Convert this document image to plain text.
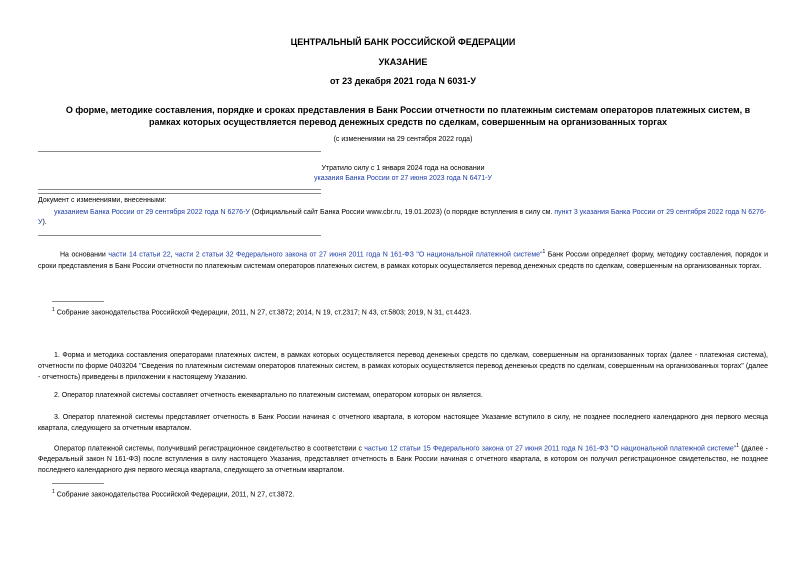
ЦЕНТРАЛЬНЫЙ БАНК РОССИЙСКОЙ ФЕДЕРАЦИИ
УКАЗАНИЕ
от 23 декабря 2021 года N 6031-У
О форме, методике составления, порядке и сроках представления в Банк России отчетности по платежным системам операторов платежных систем, в рамках которых осуществляется перевод денежных средств по сделкам, совершенным на организованных торгах
(с изменениями на 29 сентября 2022 года)
Утратило силу с 1 января 2024 года на основании
указания Банка России от 27 июня 2023 года N 6471-У
Документ с изменениями, внесенными:
указанием Банка России от 29 сентября 2022 года N 6276-У (Официальный сайт Банка России www.cbr.ru, 19.01.2023) (о порядке вступления в силу см. пункт 3 указания Банка России от 29 сентября 2022 года N 6276-У).
На основании части 14 статьи 22, части 2 статьи 32 Федерального закона от 27 июня 2011 года N 161-ФЗ "О национальной платежной системе"$^1$ Банк России определяет форму, методику составления, порядок и сроки представления в Банк России отчетности по платежным системам операторов платежных систем, в рамках которых осуществляется перевод денежных средств по сделкам, совершенным на организованных торгах.
$^1$ Собрание законодательства Российской Федерации, 2011, N 27, ст.3872; 2014, N 19, ст.2317; N 43, ст.5803; 2019, N 31, ст.4423.
1. Форма и методика составления операторами платежных систем, в рамках которых осуществляется перевод денежных средств по сделкам, совершенным на организованных торгах (далее - платежная система), отчетности по форме 0403204 "Сведения по платежным системам операторов платежных систем, в рамках которых осуществляется перевод денежных средств по сделкам, совершенным на организованных торгах" (далее - отчетность) приведены в приложении к настоящему Указанию.
2. Оператор платежной системы составляет отчетность ежеквартально по платежным системам, оператором которых он является.
3. Оператор платежной системы представляет отчетность в Банк России начиная с отчетного квартала, в котором настоящее Указание вступило в силу, не позднее последнего календарного дня первого месяца квартала, следующего за отчетным кварталом.
Оператор платежной системы, получивший регистрационное свидетельство в соответствии с частью 12 статьи 15 Федерального закона от 27 июня 2011 года N 161-ФЗ "О национальной платежной системе"$^1$ (далее - Федеральный закон N 161-ФЗ) после вступления в силу настоящего Указания, представляет отчетность в Банк России начиная с отчетного квартала, в котором он получил регистрационное свидетельство, не позднее последнего календарного дня первого месяца квартала, следующего за отчетным кварталом.
$^1$ Собрание законодательства Российской Федерации, 2011, N 27, ст.3872.
